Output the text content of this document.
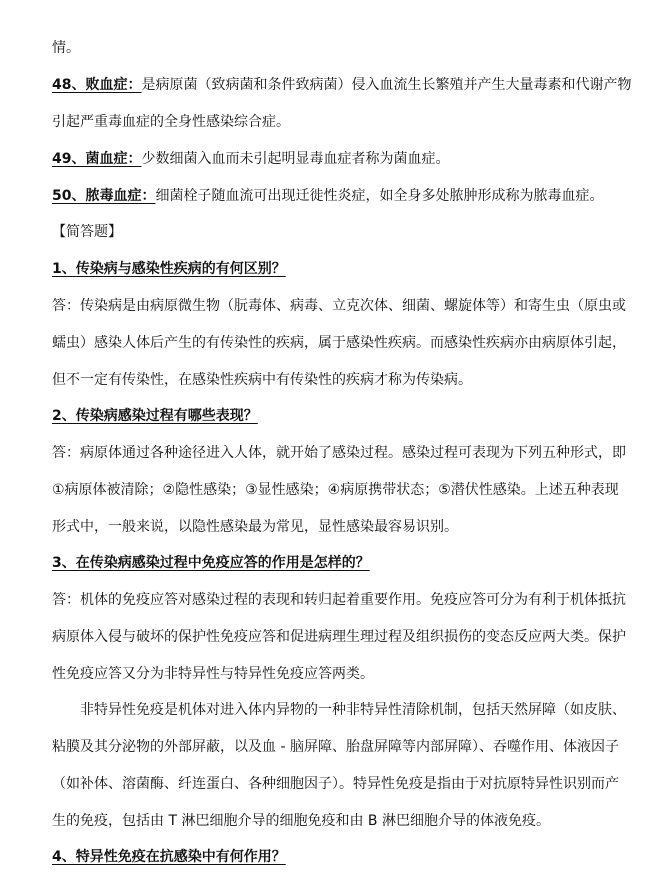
情。
48、败血症：是病原菌（致病菌和条件致病菌）侵入血流生长繁殖并产生大量毒素和代谢产物
引起严重毒血症的全身性感染综合症。
49、菌血症：少数细菌入血而未引起明显毒血症者称为菌血症。
50、脓毒血症：细菌栓子随血流可出现迁徙性炎症，如全身多处脓肿形成称为脓毒血症。
【简答题】
1、传染病与感染性疾病的有何区别？
答：传染病是由病原微生物（朊毒体、病毒、立克次体、细菌、螺旋体等）和寄生虫（原虫或
蠕虫）感染人体后产生的有传染性的疾病，属于感染性疾病。而感染性疾病亦由病原体引起，
但不一定有传染性，在感染性疾病中有传染性的疾病才称为传染病。
2、传染病感染过程有哪些表现？
答：病原体通过各种途径进入人体，就开始了感染过程。感染过程可表现为下列五种形式，即
①病原体被清除；②隐性感染；③显性感染；④病原携带状态；⑤潜伏性感染。上述五种表现
形式中，一般来说，以隐性感染最为常见，显性感染最容易识别。
3、在传染病感染过程中免疫应答的作用是怎样的？
答：机体的免疫应答对感染过程的表现和转归起着重要作用。免疫应答可分为有利于机体抵抗
病原体入侵与破坏的保护性免疫应答和促进病理生理过程及组织损伤的变态反应两大类。保护
性免疫应答又分为非特异性与特异性免疫应答两类。
非特异性免疫是机体对进入体内异物的一种非特异性清除机制，包括天然屏障（如皮肤、
粘膜及其分泌物的外部屏蔽，以及血 - 脑屏障、胎盘屏障等内部屏障）、吞噬作用、体液因子
（如补体、溶菌酶、纤连蛋白、各种细胞因子）。特异性免疫是指由于对抗原特异性识别而产
生的免疫，包括由 T 淋巴细胞介导的细胞免疫和由 B 淋巴细胞介导的体液免疫。
4、特异性免疫在抗感染中有何作用？
